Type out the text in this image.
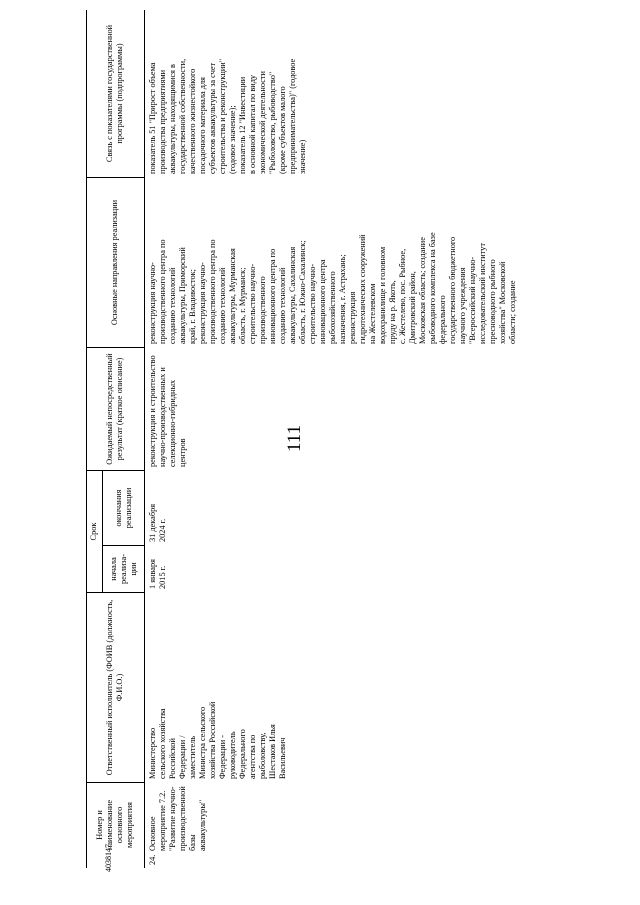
111
4038147
Номер и наименование основного мероприятия
Ответственный исполнитель (ФОИВ (должность, Ф.И.О.)
Срок
начала реализа-ции
окончания реализации
Ожидаемый непосредственный результат (краткое описание)
Основные направления реализации
Связь с показателями государственной программы (подпрограммы)
24.
Основное
мероприятие 7.2.
"Развитие научно-
производственной
базы аквакультуры"
Министерство
сельского хозяйства
Российской
Федерации /
заместитель
Министра сельского
хозяйства Российской
Федерации -
руководитель
Федерального
агентства по
рыболовству,
Шестаков Илья
Васильевич
1 января
2015 г.
31 декабря
2024 г.
реконструкция и строительство
научно-производственных и
селекционно-гибридных
центров
реконструкция научно-
производственного центра по
созданию технологий
аквакультуры, Приморский
край, г. Владивосток;
реконструкция научно-
производственного центра по
созданию технологий
аквакультуры, Мурманская
область, г. Мурманск;
строительство научно-
производственного
инновационного центра по
созданию технологий
аквакультуры, Сахалинская
область, г. Южно-Сахалинск;
строительство научно-
инновационного центра
рыбохозяйственного
назначения, г. Астрахань;
реконструкция
гидротехнических сооружений
на Жестелевском
водохранилище и головном
пруду на р. Якоть,
с. Жестелево, пос. Рыбное,
Дмитровский район,
Московская область; создание
рыбоводного комплекса на базе
федерального
государственного бюджетного
научного учреждения
"Всероссийский научно-
исследовательский институт
пресноводного рыбного
хозяйства" Московской
области; создание
показатель 51 "Прирост объема
производства предприятиями
аквакультуры, находящимися в
государственной собственности,
качественного жизнестойкого
посадочного материала для
субъектов аквакультуры за счет
строительства и реконструкции"
(годовое значение);
показатель 12 "Инвестиции
в основной капитал по виду
экономической деятельности
"Рыболовство, рыбоводство"
(кроме субъектов малого
предпринимательства)" (годовое
значение)
